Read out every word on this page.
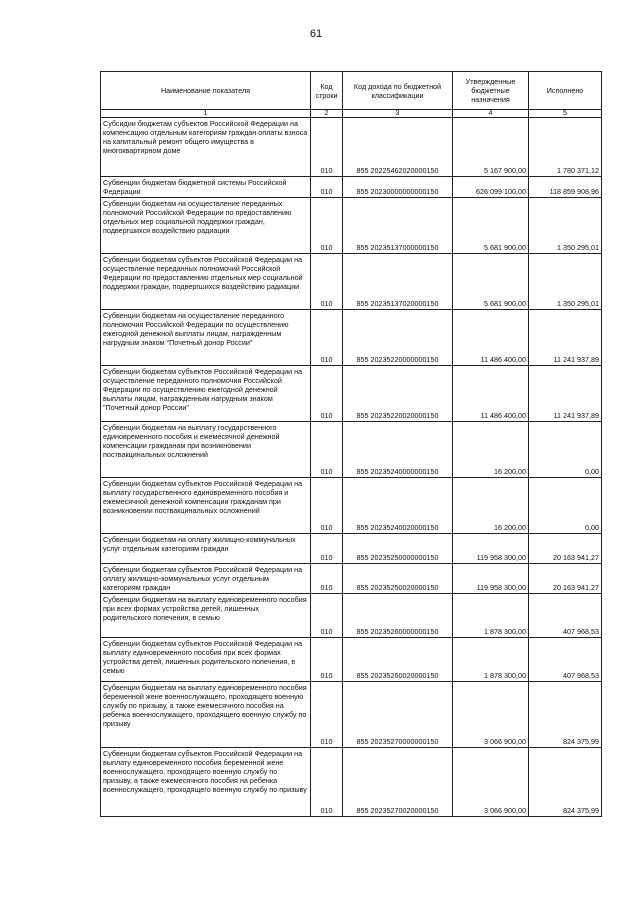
61
Наименование показателя	Код строки	Код дохода по бюджетной классификации	Утвержденные бюджетные назначения	Исполнено
1	2	3	4	5
Субсидии бюджетам субъектов Российской Федерации на компенсацию отдельным категориям граждан оплаты взноса на капитальный ремонт общего имущества в многоквартирном доме	010	855 20225462020000150	5 167 900,00	1 780 371,12
Субвенции бюджетам бюджетной системы Российской Федерации	010	855 20230000000000150	626 099 100,00	118 859 908,96
Субвенции бюджетам на осуществление переданных полномочий Российской Федерации по предоставлению отдельных мер социальной поддержки граждан, подвергшихся воздействию радиации	010	855 20235137000000150	5 681 900,00	1 350 295,01
Субвенции бюджетам субъектов Российской Федерации на осуществление переданных полномочий Российской Федерации по предоставлению отдельных мер социальной поддержки граждан, подвергшихся воздействию радиации	010	855 20235137020000150	5 681 900,00	1 350 295,01
Субвенции бюджетам на осуществление переданного полномочия Российской Федерации по осуществлению ежегодной денежной выплаты лицам, награжденным нагрудным знаком "Почетный донор России"	010	855 20235220000000150	11 486 400,00	11 241 937,89
Субвенции бюджетам субъектов Российской Федерации на осуществление переданного полномочия Российской Федерации по осуществлению ежегодной денежной выплаты лицам, награжденным нагрудным знаком "Почетный донор России"	010	855 20235220020000150	11 486 400,00	11 241 937,89
Субвенции бюджетам на выплату государственного единовременного пособия и ежемесячной денежной компенсации гражданам при возникновении поствакцинальных осложнений	010	855 20235240000000150	16 200,00	0,00
Субвенции бюджетам субъектов Российской Федерации на выплату государственного единовременного пособия и ежемесячной денежной компенсации гражданам при возникновении поствакцинальных осложнений	010	855 20235240020000150	16 200,00	0,00
Субвенции бюджетам на оплату жилищно-коммунальных услуг отдельным категориям граждан	010	855 20235250000000150	119 958 300,00	20 163 941,27
Субвенции бюджетам субъектов Российской Федерации на оплату жилищно-коммунальных услуг отдельным категориям граждан	010	855 20235250020000150	119 958 300,00	20 163 941,27
Субвенции бюджетам на выплату единовременного пособия при всех формах устройства детей, лишенных родительского попечения, в семью	010	855 20235260000000150	1 878 300,00	407 968,53
Субвенции бюджетам субъектов Российской Федерации на выплату единовременного пособия при всех формах устройства детей, лишенных родительского попечения, в семью	010	855 20235260020000150	1 878 300,00	407 968,53
Субвенции бюджетам на выплату единовременного пособия беременной жене военнослужащего, проходящего военную службу по призыву, а также ежемесячного пособия на ребенка военнослужащего, проходящего военную службу по призыву	010	855 20235270000000150	3 066 900,00	824 375,99
Субвенции бюджетам субъектов Российской Федерации на выплату единовременного пособия беременной жене военнослужащего, проходящего военную службу по призыву, а также ежемесячного пособия на ребенка военнослужащего, проходящего военную службу по призыву	010	855 20235270020000150	3 066 900,00	824 375,99
